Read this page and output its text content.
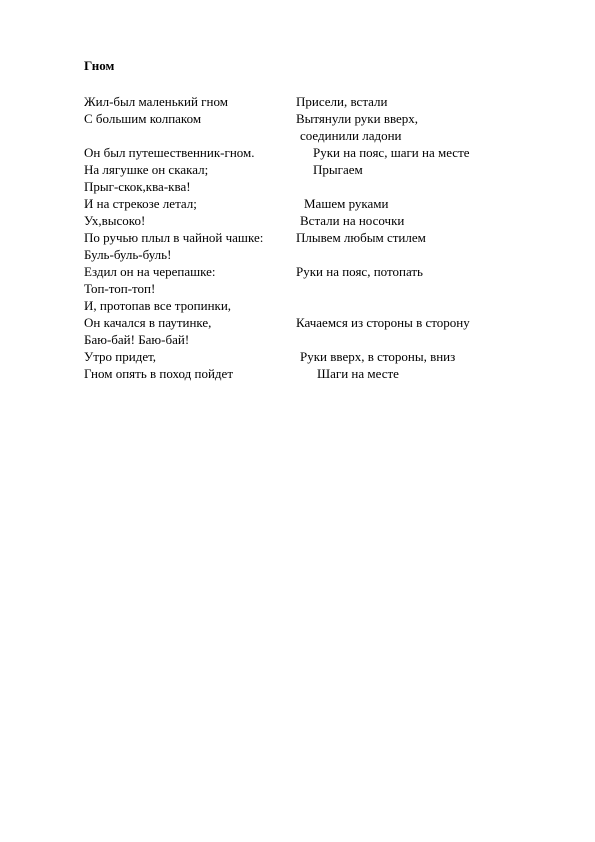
Гном
Жил-был маленький гном
С большим колпаком
Он был путешественник-гном.
На лягушке он скакал;
Прыг-скок,ква-ква!
И на стрекозе летал;
Ух,высоко!
По ручью плыл в чайной чашке:
Буль-буль-буль!
Ездил он на черепашке:
Топ-топ-топ!
И, протопав все тропинки,
Он качался в паутинке,
Баю-бай! Баю-бай!
Утро придет,
Гном опять в поход пойдет
Присели, встали
Вытянули руки вверх,
соединили ладони
Руки на пояс, шаги на месте
Прыгаем
Машем руками
Встали на носочки
Плывем любым стилем
Руки на пояс, потопать
Качаемся из стороны в сторону
Руки вверх, в стороны, вниз
Шаги на месте
